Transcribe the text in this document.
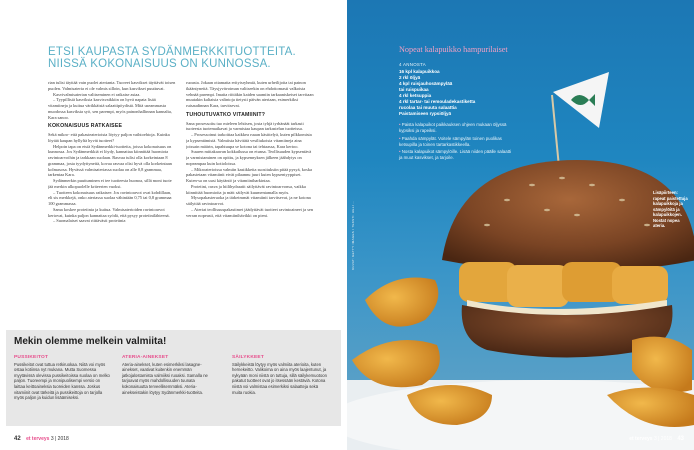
ETSI KAUPASTA SYDÄNMERKKITUOTTEITA. NIISSÄ KOKONAISUUS ON KUNNOSSA.

rian tulisi täyttää vain puolet aterianta. Tuoreet kasvikset täyttävät toisen puolen. Valmisateria ei ole valmis silloin, kun kasvikset puuttuvat.

Kasvivalmisaterian valitseminen ei ratkaise asiaa.

– Tyypillisiä kasviksia kasvisvaikkiin on hyvä napata lisää vitamiineja ja kuitua värikkäistä salaattipöydistä. Mitä useammasta muodossa kasviksia syö, sen parempi, myös painonhallinnan kannalta, Kara sanoo.

KOKONAISUUS RATKAISEE

Sekä mikro- että pakasteaterioista löytyy paljon vaihtoehtoja. Kuinka löytää kaupan hyllyltä hyvät tuotteet?

Helpoin tapa on etsiä Sydänmerkki-tuotteita, joissa kokonaisuus on kunnossa. Jos Sydänmerkkiä ei löydy, kannattaa kiinnittää huomiota ravintoarvoihin ja tarkkaan suolaan. Rasvaa tulisi olla korkeintaan 8 grammaa, josta tyydyttyneitä, kovaa rasvaa olisi hyvä olla korkeintaan kolmasosa. Hyvässä valmisateriassa suolaa on alle 0,8 grammaa, tarkentaa Kara.

Sydänmerkin puuttuminen ei tee tuotteesta huonoa, sillä moni tuote jää merkin ulkopuolelle kriteerien vuoksi.

– Tuotteen kokonaisuus ratkaisee. Jos ravintoarvot ovat kohdillaan, eli sis merkkejä, onko ateriassa suolaa vähintään 0,75 tai 0,8 grammaa 100 grammassa.

Sama koskee proteiinia ja kuitua. Valmisaterioiden ravintoarvot kertovat, kuinka paljon kannattaa syödä, että pysyy proteiinilähteenä.

– Suomalaiset saavat riittävästi proteiinia

ruoasta. Jokaan ottamatta erityisryhmiä, kuten urheilijoita tai painon ikääntyneitä. Täysjyvävoiman valitseekin on ehdottomasti valkoista vehnää parempi. Imaita riittäkin kaiden saamiin tarkaaniskeiset tarvitaan muutakin kaltaisia valintoja tietysti päivän ateriaan, esimerkiksi ruisaudinnan Kara, tarvitsevat.

TUHOUTUVATKO VITAMIINIT?

Sana prosessoitu tuo mieleen lehtisen, josta tyhjä tyrhänäät tarkasti tuoteesta tuotemaikavat ja varmistaa kaupan tarkastelun tuotteissa.

– Prosessoinut tarkoittaa kaikkea ruuan käsittelyä, kuten pilkkomista ja kypsentämistä. Valmiista hävitätä vesiliukoisia vitamiineja aina joissain määrin, tapahtuupa se kotona tai tehtaassa, Kara kertoo.

Suuren mittakaavan kokkailussa on etunsa. Teollisuuden kypsentävä ja varmistaminen on opittu, ja kypsennyksen jälkeen jäähdytys on nopeampaa kuin kotioloissa.

– Mikroaterioissa valmiin kastikkeita suosituksiin pitää pysyä, koska pakastetaan vitamiinit eivät pilaannu juuri kuten kypsentyyppiset. Kuten-sa on uusi käytäntö ja vitamiiniharkintaa.

Proteiini, rasva ja hiilihydraatit säilyttävät ravintoarvonsa, vaikka kiinnittää huomioita ja mätt säilyvät kuumentamalla myös.

Mysopakasteruoka ja tärkeimmät vitamiinit tarvitsevat, ja ne kotona säilyttää ravintoarvot.

– Ateriat teollisuuspakastimet jäädyttävät tuotteet ravintoaineet ja sen verran nopeasti, että vitamiinihävikki on pieni.

Mekin olemme melkein valmiita!
PUSSIKEITOT
Pussikeitot ovat tuttua retkiruokaa. Niitä voi myös ostaa kotiinsa nyt mukana. Mutta Suomessa myytävissä olevissa pussikeitoissa suolaa on melko paljon. Tuoreempi ja monipuolisempi versio on laittaa keittoaineksia tuoreiden kanssa. Joskus vitamiinit ovat tärkeitä ja pussikeittoja on tarjolla myös paljon ja kuidun lisäämiseksi.
ATERIA-AINEKSET
Ateria-ainekset, kuten esimerkiksi lasagne-ainekset, vaativat kuitenkin enemmän jatkojalostamista valmiiksi ruoaksi. Samalla ne tarjoavat myös mahdollisuuden tuunata kokonaisuutta terveellisemmäksi. Ateria-ainekseistakin löytyy Sydänmerkki-tuotteita.
SÄILYKKEET
Säilykkeistä löytyy myös valmiita aterioita, kuten hernekeitto. Valikoima on aina myös laajentunut, ja nykyään moni niistä on tuttuja, sillä säilykemuotoon pakatut tuotteet ovat jo itsessään kestäviä. Kotona niistä voi valmistaa esimerkiksi salaatteja sekä muita ruokia.
42 et terveys 3 | 2018
Nopeat kalapuikko hampurilaiset
4 ANNOSTA
16 kpl kalapuikkoa
2 rkl öljyä
4 kpl ruisjauhosämpylää
tai ruispuikaa
4 rkl ketsuppia
4 rkl tartar- tai remouladekastiketta
rucolaa tai muuta salaattia
Paistamiseen rypsiöljyä
• Paista kalapuikot paikkauksen ohjeen mukaan öljyssä kypsiksi ja rapeiksi.
• Paahda sämpylät. Voitele sämpylän toinen puolikas ketsupilla ja toinen tartarkastikkeella.
• Nosta kalapuikot sämpylöille. Lisää niiden päälle salaatti ja muut kasvikset, ja tarjoile.
Lisäpiirteen: rapeat paistettuja kalapuikkoja ja sämpylöitä ja kalapuikkojen. Nostat nopea ateria.
KUVAT: GETTY IMAGES / TEKSTI: HELI ...
et terveys 3 | 2018 43
